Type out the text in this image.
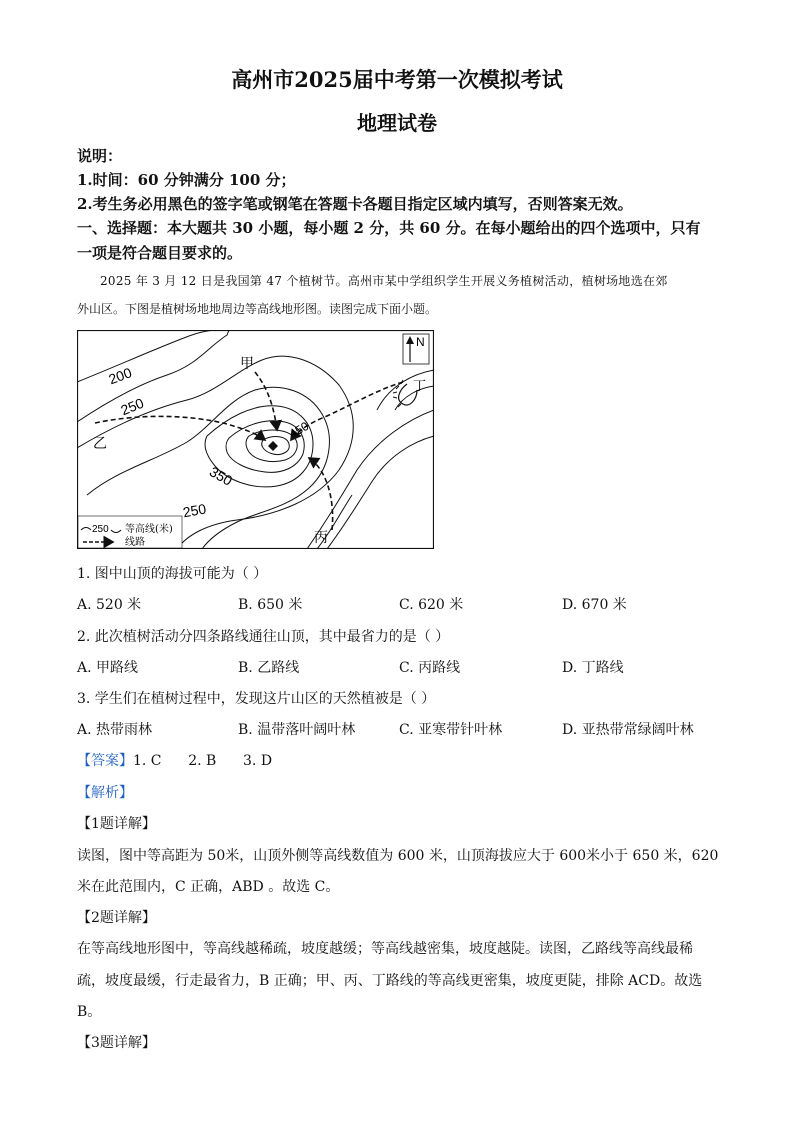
高州市2025届中考第一次模拟考试
地理试卷
说明：
1.时间：60 分钟满分 100 分；
2.考生务必用黑色的签字笔或钢笔在答题卡各题目指定区域内填写，否则答案无效。
一、选择题：本大题共 30 小题，每小题 2 分，共 60 分。在每小题给出的四个选项中，只有
一项是符合题目要求的。
2025 年 3 月 12 日是我国第 47 个植树节。高州市某中学组织学生开展义务植树活动，植树场地选在郊
外山区。下图是植树场地地周边等高线地形图。读图完成下面小题。
N
甲
乙
丙
丁
200
250
450
350
250
250 等高线(米)
线路
1. 图中山顶的海拔可能为（ ）
A. 520 米	B. 650 米	C. 620 米	D. 670 米
2. 此次植树活动分四条路线通往山顶，其中最省力的是（ ）
A. 甲路线	B. 乙路线	C. 丙路线	D. 丁路线
3. 学生们在植树过程中，发现这片山区的天然植被是（ ）
A. 热带雨林	B. 温带落叶阔叶林	C. 亚寒带针叶林	D. 亚热带常绿阔叶林
【答案】1. C      2. B      3. D
【解析】
【1题详解】
读图，图中等高距为 50米，山顶外侧等高线数值为 600 米，山顶海拔应大于 600米小于 650 米，620
米在此范围内，C 正确，ABD 。故选 C。
【2题详解】
在等高线地形图中，等高线越稀疏，坡度越缓；等高线越密集，坡度越陡。读图，乙路线等高线最稀
疏，坡度最缓，行走最省力，B 正确；甲、丙、丁路线的等高线更密集，坡度更陡，排除 ACD。故选
B。
【3题详解】
